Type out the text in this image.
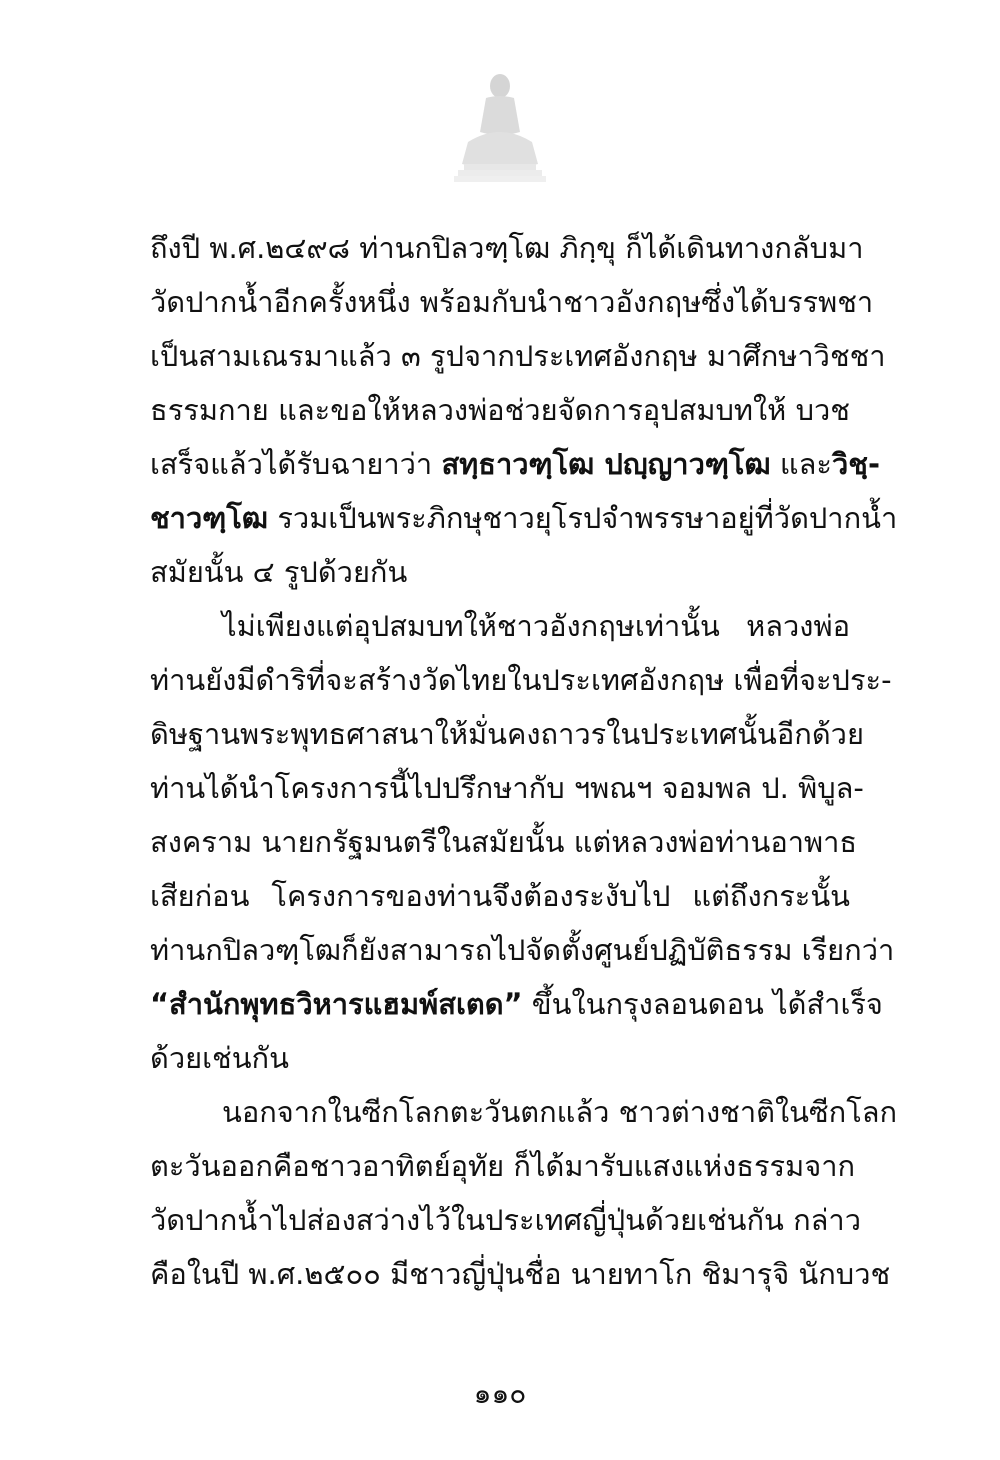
ถึงปี พ.ศ.๒๔๙๘ ท่านกปิลวฑฺโฒ ภิกฺขุ ก็ได้เดินทางกลับมา
วัดปากน้ำอีกครั้งหนึ่ง พร้อมกับนำชาวอังกฤษซึ่งได้บรรพชา
เป็นสามเณรมาแล้ว ๓ รูปจากประเทศอังกฤษ มาศึกษาวิชชา
ธรรมกาย และขอให้หลวงพ่อช่วยจัดการอุปสมบทให้ บวช
เสร็จแล้วได้รับฉายาว่า สทฺธาวฑฺโฒ ปญฺญาวฑฺโฒ และวิชฺ-
ชาวฑฺโฒ รวมเป็นพระภิกษุชาวยุโรปจำพรรษาอยู่ที่วัดปากน้ำ
สมัยนั้น ๔ รูปด้วยกัน
ไม่เพียงแต่อุปสมบทให้ชาวอังกฤษเท่านั้น หลวงพ่อ
ท่านยังมีดำริที่จะสร้างวัดไทยในประเทศอังกฤษ เพื่อที่จะประ-
ดิษฐานพระพุทธศาสนาให้มั่นคงถาวรในประเทศนั้นอีกด้วย
ท่านได้นำโครงการนี้ไปปรึกษากับ ฯพณฯ จอมพล ป. พิบูล-
สงคราม นายกรัฐมนตรีในสมัยนั้น แต่หลวงพ่อท่านอาพาธ
เสียก่อน โครงการของท่านจึงต้องระงับไป แต่ถึงกระนั้น
ท่านกปิลวฑฺโฒก็ยังสามารถไปจัดตั้งศูนย์ปฏิบัติธรรม เรียกว่า
“สำนักพุทธวิหารแฮมพ์สเตด” ขึ้นในกรุงลอนดอน ได้สำเร็จ
ด้วยเช่นกัน
นอกจากในซีกโลกตะวันตกแล้ว ชาวต่างชาติในซีกโลก
ตะวันออกคือชาวอาทิตย์อุทัย ก็ได้มารับแสงแห่งธรรมจาก
วัดปากน้ำไปส่องสว่างไว้ในประเทศญี่ปุ่นด้วยเช่นกัน กล่าว
คือในปี พ.ศ.๒๕๐๐ มีชาวญี่ปุ่นชื่อ นายทาโก ชิมารุจิ นักบวช
๑๑๐
